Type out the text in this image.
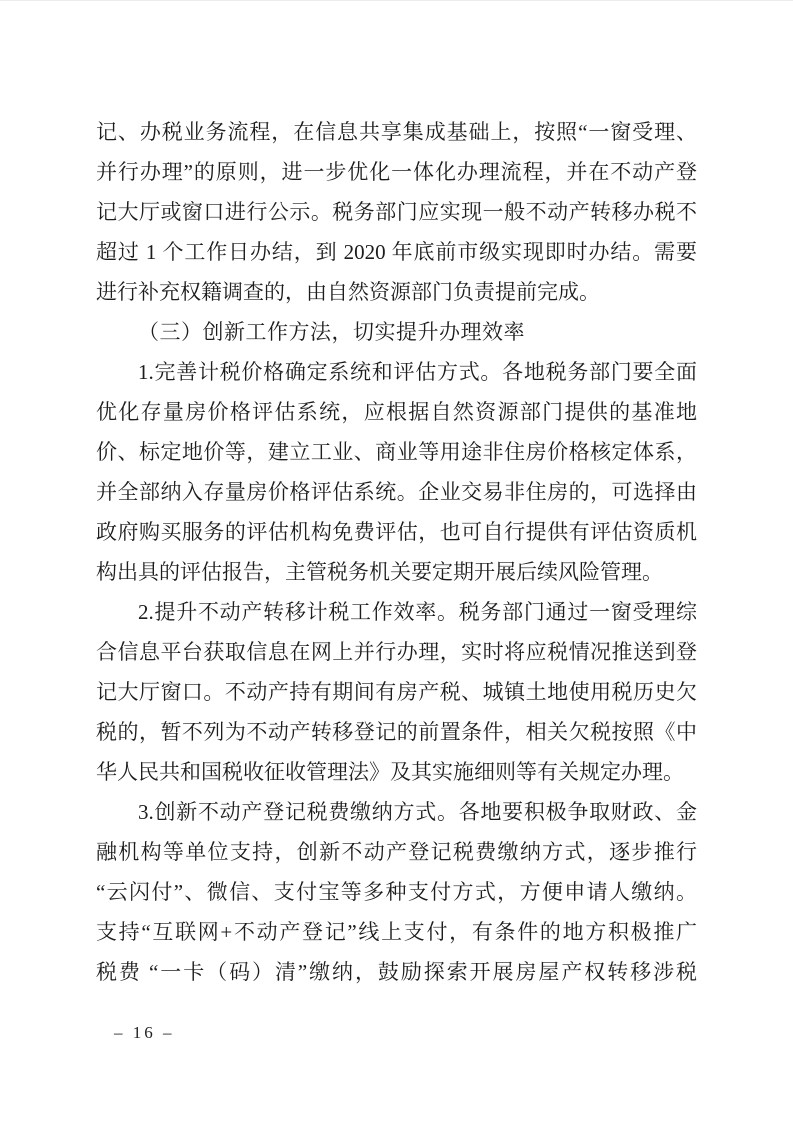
记、办税业务流程，在信息共享集成基础上，按照“一窗受理、

并行办理”的原则，进一步优化一体化办理流程，并在不动产登

记大厅或窗口进行公示。税务部门应实现一般不动产转移办税不

超过 1 个工作日办结，到 2020 年底前市级实现即时办结。需要

进行补充权籍调查的，由自然资源部门负责提前完成。

（三）创新工作方法，切实提升办理效率

1.完善计税价格确定系统和评估方式。各地税务部门要全面

优化存量房价格评估系统，应根据自然资源部门提供的基准地

价、标定地价等，建立工业、商业等用途非住房价格核定体系，

并全部纳入存量房价格评估系统。企业交易非住房的，可选择由

政府购买服务的评估机构免费评估，也可自行提供有评估资质机

构出具的评估报告，主管税务机关要定期开展后续风险管理。

2.提升不动产转移计税工作效率。税务部门通过一窗受理综

合信息平台获取信息在网上并行办理，实时将应税情况推送到登

记大厅窗口。不动产持有期间有房产税、城镇土地使用税历史欠

税的，暂不列为不动产转移登记的前置条件，相关欠税按照《中

华人民共和国税收征收管理法》及其实施细则等有关规定办理。

3.创新不动产登记税费缴纳方式。各地要积极争取财政、金

融机构等单位支持，创新不动产登记税费缴纳方式，逐步推行

“云闪付”、微信、支付宝等多种支付方式，方便申请人缴纳。

支持“互联网+不动产登记”线上支付，有条件的地方积极推广

税费 “一卡（码）清”缴纳，鼓励探索开展房屋产权转移涉税

– 16 –
